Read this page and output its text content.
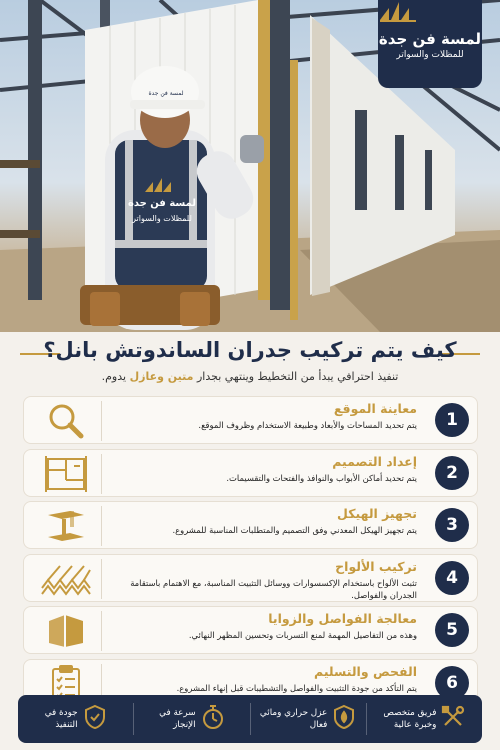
لمسة فن جدة
لمسة فن جدة
للمظلات والسواتر
لمسة فن جدة
للمظلات والسواتر
كيف يتم تركيب جدران الساندوتش بانل؟
تنفيذ احترافي يبدأ من التخطيط وينتهي بجدار متين وعازل يدوم.
1
معاينة الموقع
يتم تحديد المساحات والأبعاد وطبيعة الاستخدام وظروف الموقع.
2
إعداد التصميم
يتم تحديد أماكن الأبواب والنوافذ والفتحات والتقسيمات.
3
تجهيز الهيكل
يتم تجهيز الهيكل المعدني وفق التصميم والمتطلبات المناسبة للمشروع.
4
تركيب الألواح
تثبت الألواح باستخدام الإكسسوارات ووسائل التثبيت المناسبة، مع الاهتمام باستقامة الجدران والفواصل.
5
معالجة الفواصل والزوايا
وهذه من التفاصيل المهمة لمنع التسربات وتحسين المظهر النهائي.
6
الفحص والتسليم
يتم التأكد من جودة التثبيت والفواصل والتشطيبات قبل إنهاء المشروع.
فريق متخصص
وخبرة عالية
عزل حراري ومائي
فعال
سرعة في
الإنجاز
جودة في
التنفيذ
